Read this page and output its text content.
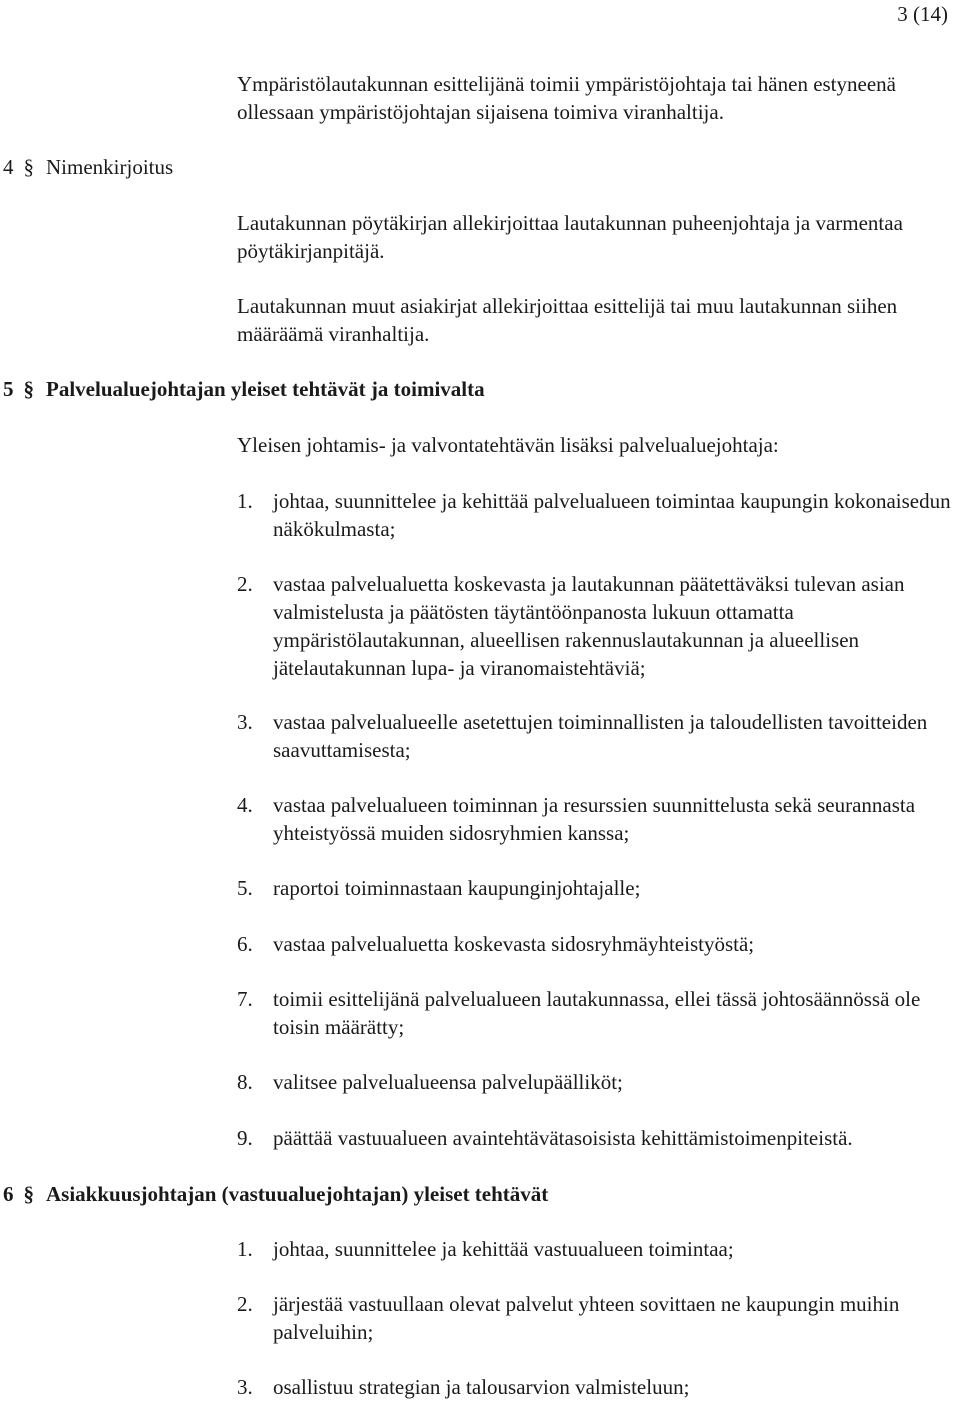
3 (14)

Ympäristölautakunnan esittelijänä toimii ympäristöjohtaja tai hänen estyneenä ollessaan ympäristöjohtajan sijaisena toimiva viranhaltija.

4 § Nimenkirjoitus

Lautakunnan pöytäkirjan allekirjoittaa lautakunnan puheenjohtaja ja varmentaa pöytäkirjanpitäjä.

Lautakunnan muut asiakirjat allekirjoittaa esittelijä tai muu lautakunnan siihen määräämä viranhaltija.

5 § Palvelualuejohtajan yleiset tehtävät ja toimivalta

Yleisen johtamis- ja valvontatehtävän lisäksi palvelualuejohtaja:

1. johtaa, suunnittelee ja kehittää palvelualueen toimintaa kaupungin kokonaisedun näkökulmasta;
2. vastaa palvelualuetta koskevasta ja lautakunnan päätettäväksi tulevan asian valmistelusta ja päätösten täytäntöönpanosta lukuun ottamatta ympäristölautakunnan, alueellisen rakennuslautakunnan ja alueellisen jätelautakunnan lupa- ja viranomaistehtäviä;
3. vastaa palvelualueelle asetettujen toiminnallisten ja taloudellisten tavoitteiden saavuttamisesta;
4. vastaa palvelualueen toiminnan ja resurssien suunnittelusta sekä seurannasta yhteistyössä muiden sidosryhmien kanssa;
5. raportoi toiminnastaan kaupunginjohtajalle;
6. vastaa palvelualuetta koskevasta sidosryhmäyhteistyöstä;
7. toimii esittelijänä palvelualueen lautakunnassa, ellei tässä johtosäännössä ole toisin määrätty;
8. valitsee palvelualueensa palvelupäälliköt;
9. päättää vastuualueen avaintehtävätasoisista kehittämistoimenpiteistä.
6 § Asiakkuusjohtajan (vastuualuejohtajan) yleiset tehtävät
1. johtaa, suunnittelee ja kehittää vastuualueen toimintaa;
2. järjestää vastuullaan olevat palvelut yhteen sovittaen ne kaupungin muihin palveluihin;
3. osallistuu strategian ja talousarvion valmisteluun;
